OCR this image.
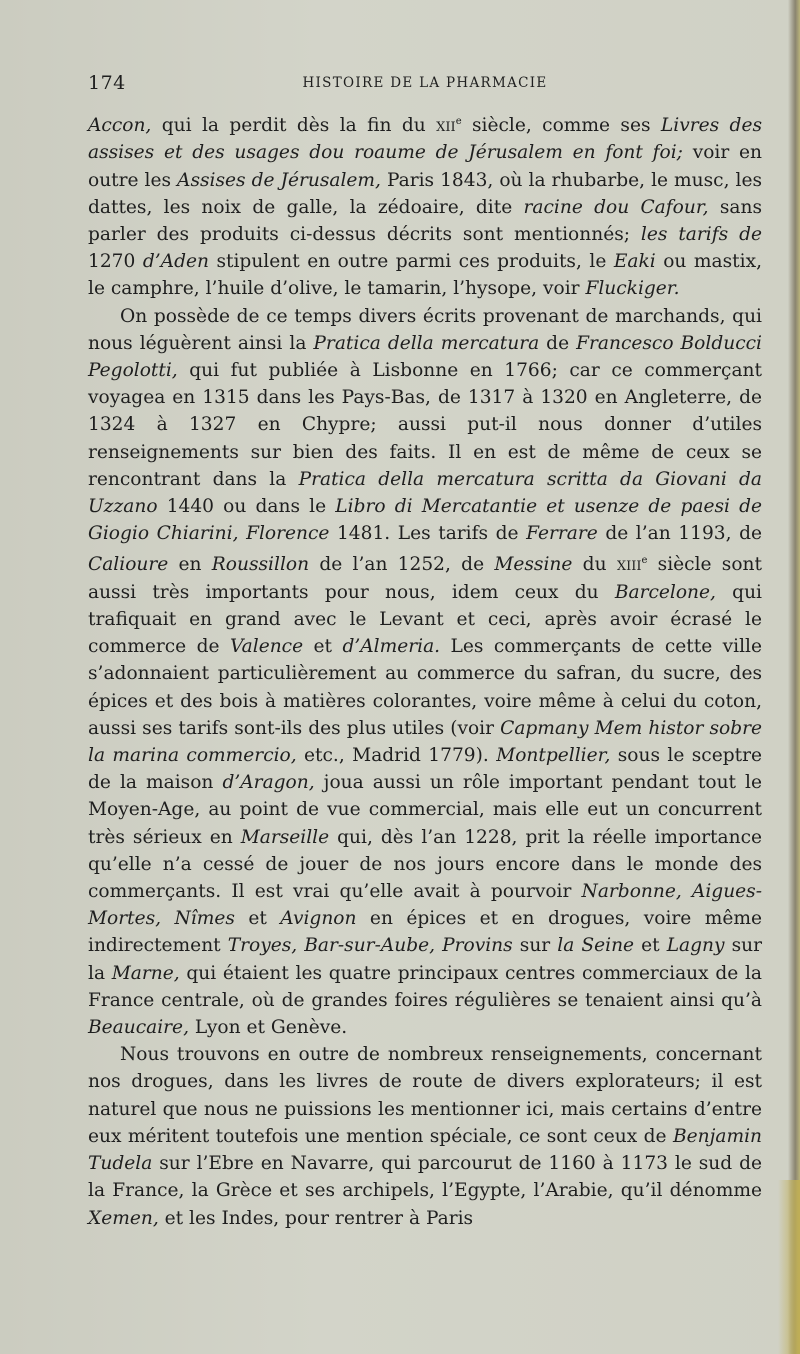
174	HISTOIRE DE LA PHARMACIE

Accon, qui la perdit dès la fin du xii$^e$ siècle, comme ses Livres des assises et des usages dou roaume de Jérusalem en font foi; voir en outre les Assises de Jérusalem, Paris 1843, où la rhubarbe, le musc, les dattes, les noix de galle, la zédoaire, dite racine dou Cafour, sans parler des produits ci-dessus décrits sont mentionnés; les tarifs de 1270 d’Aden stipulent en outre parmi ces produits, le Eaki ou mastix, le camphre, l’huile d’olive, le tamarin, l’hysope, voir Fluckiger.

On possède de ce temps divers écrits provenant de marchands, qui nous léguèrent ainsi la Pratica della mercatura de Francesco Bolducci Pegolotti, qui fut publiée à Lisbonne en 1766; car ce commerçant voyagea en 1315 dans les Pays-Bas, de 1317 à 1320 en Angleterre, de 1324 à 1327 en Chypre; aussi put-il nous donner d’utiles renseignements sur bien des faits. Il en est de même de ceux se rencontrant dans la Pratica della mercatura scritta da Giovani da Uzzano 1440 ou dans le Libro di Mercatantie et usenze de paesi de Giogio Chiarini, Florence 1481. Les tarifs de Ferrare de l’an 1193, de Calioure en Roussillon de l’an 1252, de Messine du xiii$^e$ siècle sont aussi très importants pour nous, idem ceux du Barcelone, qui trafiquait en grand avec le Levant et ceci, après avoir écrasé le commerce de Valence et d’Almeria. Les commerçants de cette ville s’adonnaient particulièrement au commerce du safran, du sucre, des épices et des bois à matières colorantes, voire même à celui du coton, aussi ses tarifs sont-ils des plus utiles (voir Capmany Mem histor sobre la marina commercio, etc., Madrid 1779). Montpellier, sous le sceptre de la maison d’Aragon, joua aussi un rôle important pendant tout le Moyen-Age, au point de vue commercial, mais elle eut un concurrent très sérieux en Marseille qui, dès l’an 1228, prit la réelle importance qu’elle n’a cessé de jouer de nos jours encore dans le monde des commerçants. Il est vrai qu’elle avait à pourvoir Narbonne, Aigues-Mortes, Nîmes et Avignon en épices et en drogues, voire même indirectement Troyes, Bar-sur-Aube, Provins sur la Seine et Lagny sur la Marne, qui étaient les quatre principaux centres commerciaux de la France centrale, où de grandes foires régulières se tenaient ainsi qu’à Beaucaire, Lyon et Genève.

Nous trouvons en outre de nombreux renseignements, concernant nos drogues, dans les livres de route de divers explorateurs; il est naturel que nous ne puissions les mentionner ici, mais certains d’entre eux méritent toutefois une mention spéciale, ce sont ceux de Benjamin Tudela sur l’Ebre en Navarre, qui parcourut de 1160 à 1173 le sud de la France, la Grèce et ses archipels, l’Egypte, l’Arabie, qu’il dénomme Xemen, et les Indes, pour rentrer à Paris
